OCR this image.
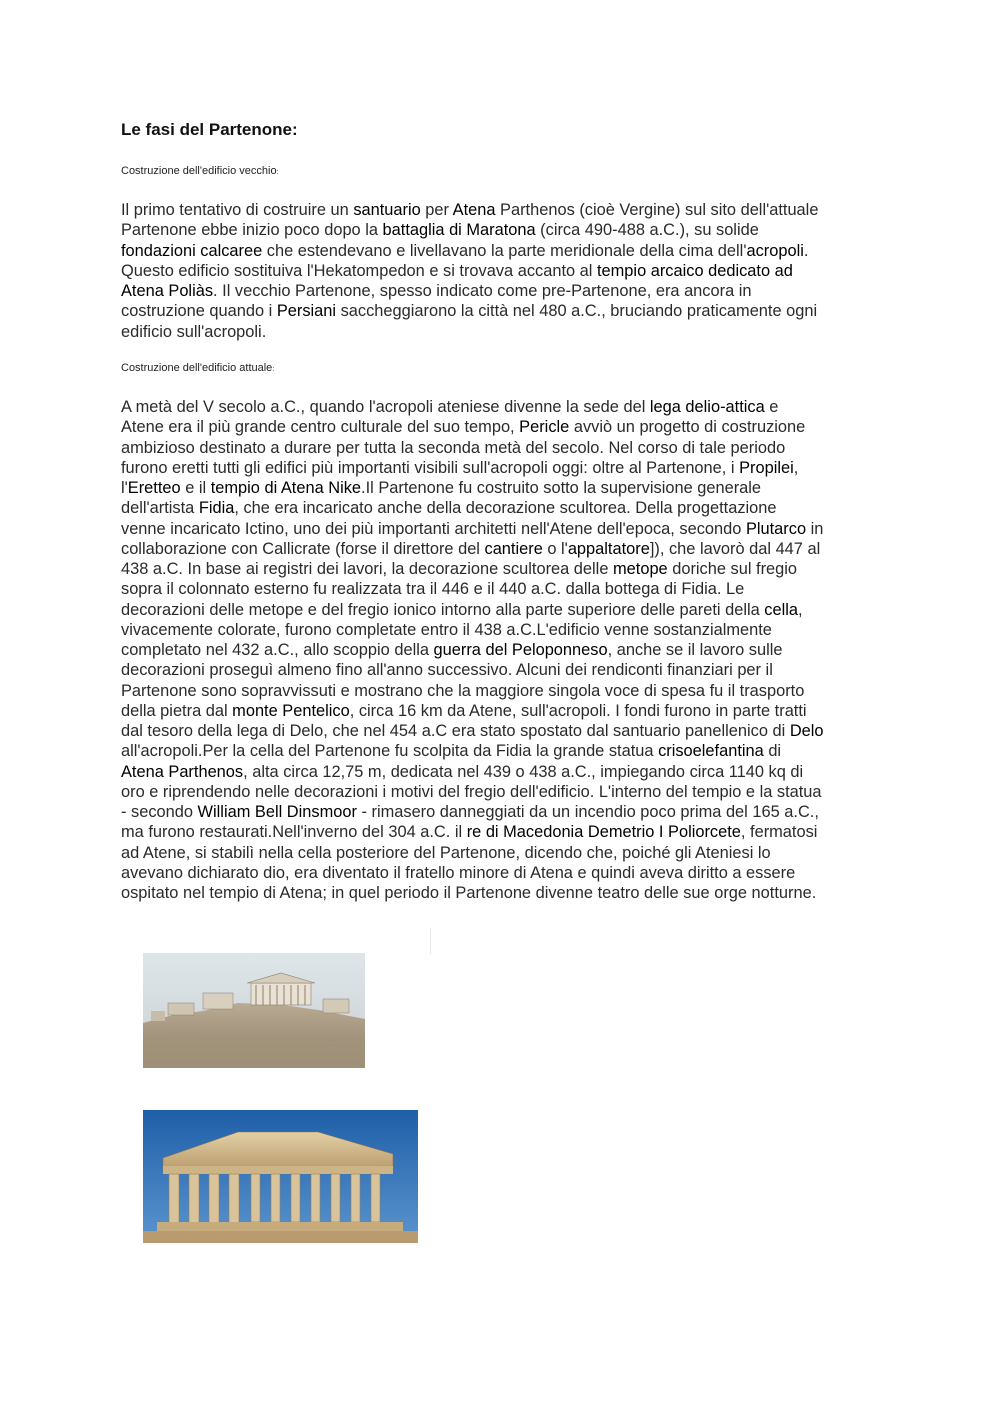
Le fasi del Partenone:

Costruzione dell'edificio vecchio:

Il primo tentativo di costruire un santuario per Atena Parthenos (cioè Vergine) sul sito dell'attuale
Partenone ebbe inizio poco dopo la battaglia di Maratona (circa 490-488 a.C.), su solide
fondazioni calcaree che estendevano e livellavano la parte meridionale della cima dell'acropoli.
Questo edificio sostituiva l'Hekatompedon e si trovava accanto al tempio arcaico dedicato ad
Atena Poliàs. Il vecchio Partenone, spesso indicato come pre-Partenone, era ancora in
costruzione quando i Persiani saccheggiarono la città nel 480 a.C., bruciando praticamente ogni
edificio sull'acropoli.

Costruzione dell'edificio attuale:

A metà del V secolo a.C., quando l'acropoli ateniese divenne la sede del lega delio-attica e
Atene era il più grande centro culturale del suo tempo, Pericle avviò un progetto di costruzione
ambizioso destinato a durare per tutta la seconda metà del secolo. Nel corso di tale periodo
furono eretti tutti gli edifici più importanti visibili sull'acropoli oggi: oltre al Partenone, i Propilei,
l'Eretteo e il tempio di Atena Nike.Il Partenone fu costruito sotto la supervisione generale
dell'artista Fidia, che era incaricato anche della decorazione scultorea. Della progettazione
venne incaricato Ictino, uno dei più importanti architetti nell'Atene dell'epoca, secondo Plutarco in
collaborazione con Callicrate (forse il direttore del cantiere o l'appaltatore]), che lavorò dal 447 al
438 a.C. In base ai registri dei lavori, la decorazione scultorea delle metope doriche sul fregio
sopra il colonnato esterno fu realizzata tra il 446 e il 440 a.C. dalla bottega di Fidia. Le
decorazioni delle metope e del fregio ionico intorno alla parte superiore delle pareti della cella,
vivacemente colorate, furono completate entro il 438 a.C.L'edificio venne sostanzialmente
completato nel 432 a.C., allo scoppio della guerra del Peloponneso, anche se il lavoro sulle
decorazioni proseguì almeno fino all'anno successivo. Alcuni dei rendiconti finanziari per il
Partenone sono sopravvissuti e mostrano che la maggiore singola voce di spesa fu il trasporto
della pietra dal monte Pentelico, circa 16 km da Atene, sull'acropoli. I fondi furono in parte tratti
dal tesoro della lega di Delo, che nel 454 a.C era stato spostato dal santuario panellenico di Delo
all'acropoli.Per la cella del Partenone fu scolpita da Fidia la grande statua crisoelefantina di
Atena Parthenos, alta circa 12,75 m, dedicata nel 439 o 438 a.C., impiegando circa 1140 kq di
oro e riprendendo nelle decorazioni i motivi del fregio dell'edificio. L'interno del tempio e la statua
- secondo William Bell Dinsmoor - rimasero danneggiati da un incendio poco prima del 165 a.C.,
ma furono restaurati.Nell'inverno del 304 a.C. il re di Macedonia Demetrio I Poliorcete, fermatosi
ad Atene, si stabilì nella cella posteriore del Partenone, dicendo che, poiché gli Ateniesi lo
avevano dichiarato dio, era diventato il fratello minore di Atena e quindi aveva diritto a essere
ospitato nel tempio di Atena; in quel periodo il Partenone divenne teatro delle sue orge notturne.
